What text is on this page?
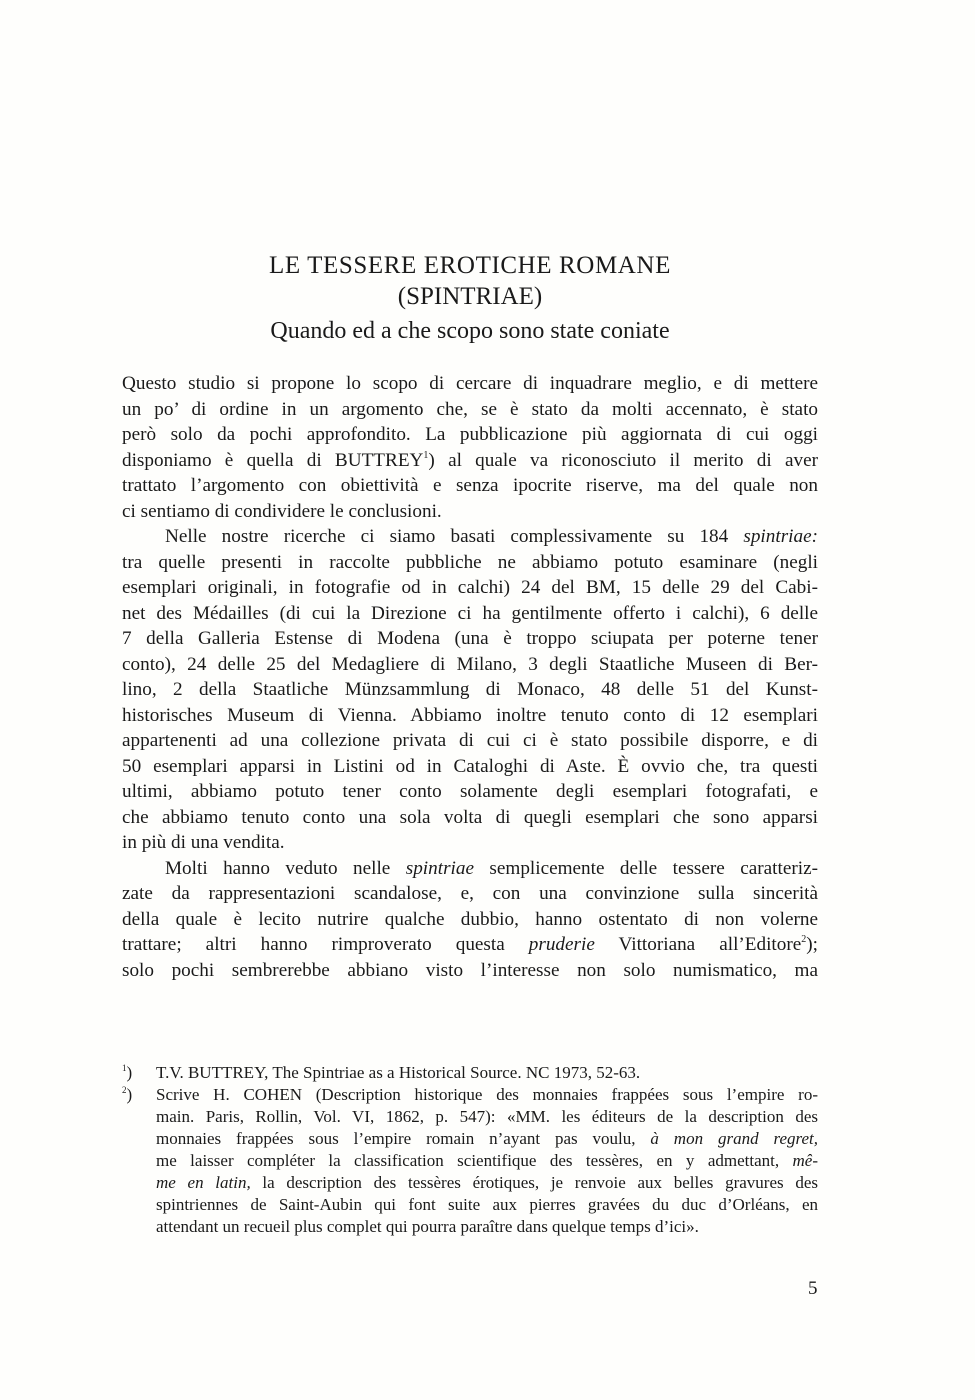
LE TESSERE EROTICHE ROMANE
(SPINTRIAE)
Quando ed a che scopo sono state coniate

Questo studio si propone lo scopo di cercare di inquadrare meglio, e di mettere
un po’ di ordine in un argomento che, se è stato da molti accennato, è stato
però solo da pochi approfondito. La pubblicazione più aggiornata di cui oggi
disponiamo è quella di BUTTREY$^1$) al quale va riconosciuto il merito di aver
trattato l’argomento con obiettività e senza ipocrite riserve, ma del quale non
ci sentiamo di condividere le conclusioni.

Nelle nostre ricerche ci siamo basati complessivamente su 184 spintriae:
tra quelle presenti in raccolte pubbliche ne abbiamo potuto esaminare (negli
esemplari originali, in fotografie od in calchi) 24 del BM, 15 delle 29 del Cabi-
net des Médailles (di cui la Direzione ci ha gentilmente offerto i calchi), 6 delle
7 della Galleria Estense di Modena (una è troppo sciupata per poterne tener
conto), 24 delle 25 del Medagliere di Milano, 3 degli Staatliche Museen di Ber-
lino, 2 della Staatliche Münzsammlung di Monaco, 48 delle 51 del Kunst-
historisches Museum di Vienna. Abbiamo inoltre tenuto conto di 12 esemplari
appartenenti ad una collezione privata di cui ci è stato possibile disporre, e di
50 esemplari apparsi in Listini od in Cataloghi di Aste. È ovvio che, tra questi
ultimi, abbiamo potuto tener conto solamente degli esemplari fotografati, e
che abbiamo tenuto conto una sola volta di quegli esemplari che sono apparsi
in più di una vendita.

Molti hanno veduto nelle spintriae semplicemente delle tessere caratteriz-
zate da rappresentazioni scandalose, e, con una convinzione sulla sincerità
della quale è lecito nutrire qualche dubbio, hanno ostentato di non volerne
trattare; altri hanno rimproverato questa pruderie Vittoriana all’Editore$^2$);
solo pochi sembrerebbe abbiano visto l’interesse non solo numismatico, ma

$^1$) T.V. BUTTREY, The Spintriae as a Historical Source. NC 1973, 52-63.
$^2$) Scrive H. COHEN (Description historique des monnaies frappées sous l’empire ro-
main. Paris, Rollin, Vol. VI, 1862, p. 547): «MM. les éditeurs de la description des
monnaies frappées sous l’empire romain n’ayant pas voulu, à mon grand regret,
me laisser compléter la classification scientifique des tessères, en y admettant, mê-
me en latin, la description des tessères érotiques, je renvoie aux belles gravures des
spintriennes de Saint-Aubin qui font suite aux pierres gravées du duc d’Orléans, en
attendant un recueil plus complet qui pourra paraître dans quelque temps d’ici».
5
